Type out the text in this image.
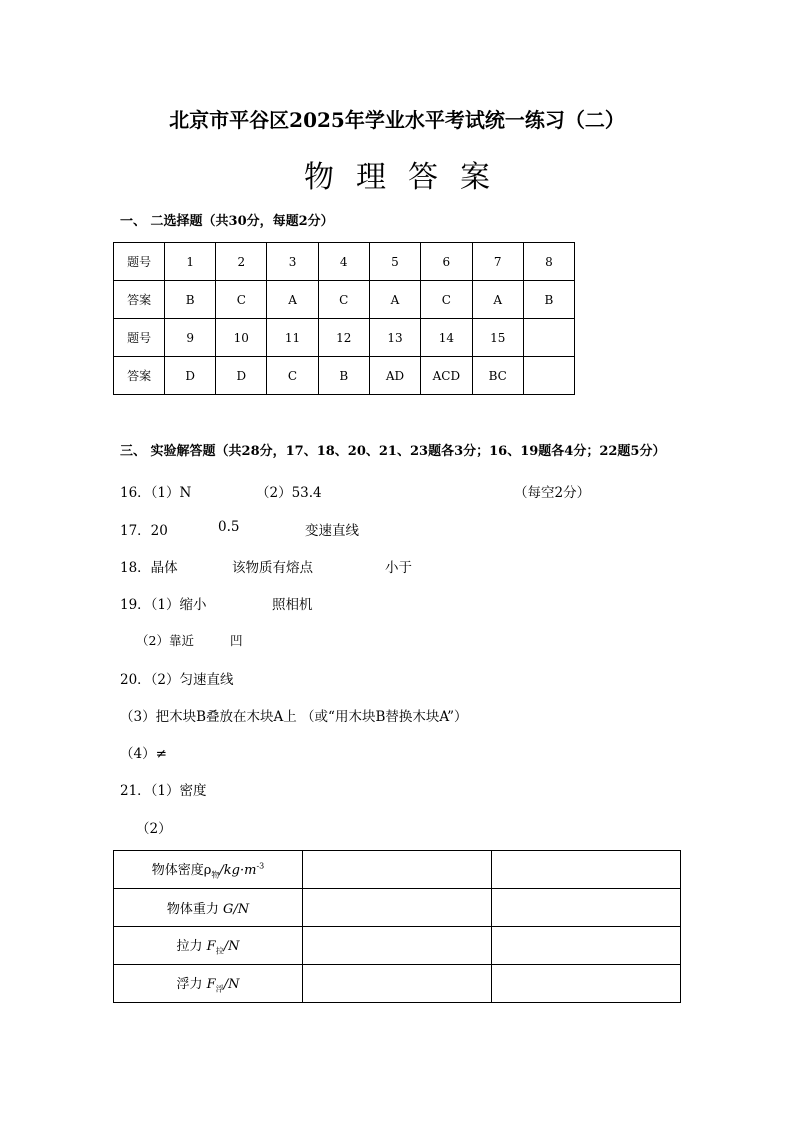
北京市平谷区2025年学业水平考试统一练习（二）
物理答案
一、 二选择题（共30分，每题2分）
题号	1	2	3	4	5	6	7	8
答案	B	C	A	C	A	C	A	B
题号	9	10	11	12	13	14	15	
答案	D	D	C	B	AD	ACD	BC	
三、 实验解答题（共28分，17、18、20、21、23题各3分；16、19题各4分；22题5分）
16．（1）N	（2）53.4	（每空2分）
17．20	0.5	变速直线
18．晶体	该物质有熔点	小于
19．（1）缩小	照相机
（2）靠近	凹
20．（2）匀速直线
（3）把木块B叠放在木块A上 （或“用木块B替换木块A”）
（4）≠
21．（1）密度
（2）
物体密度$\rho_物/kg\cdot m^{-3}$		
物体重力 G/N		
拉力 $F_拉/N$		
浮力 $F_浮/N$		
